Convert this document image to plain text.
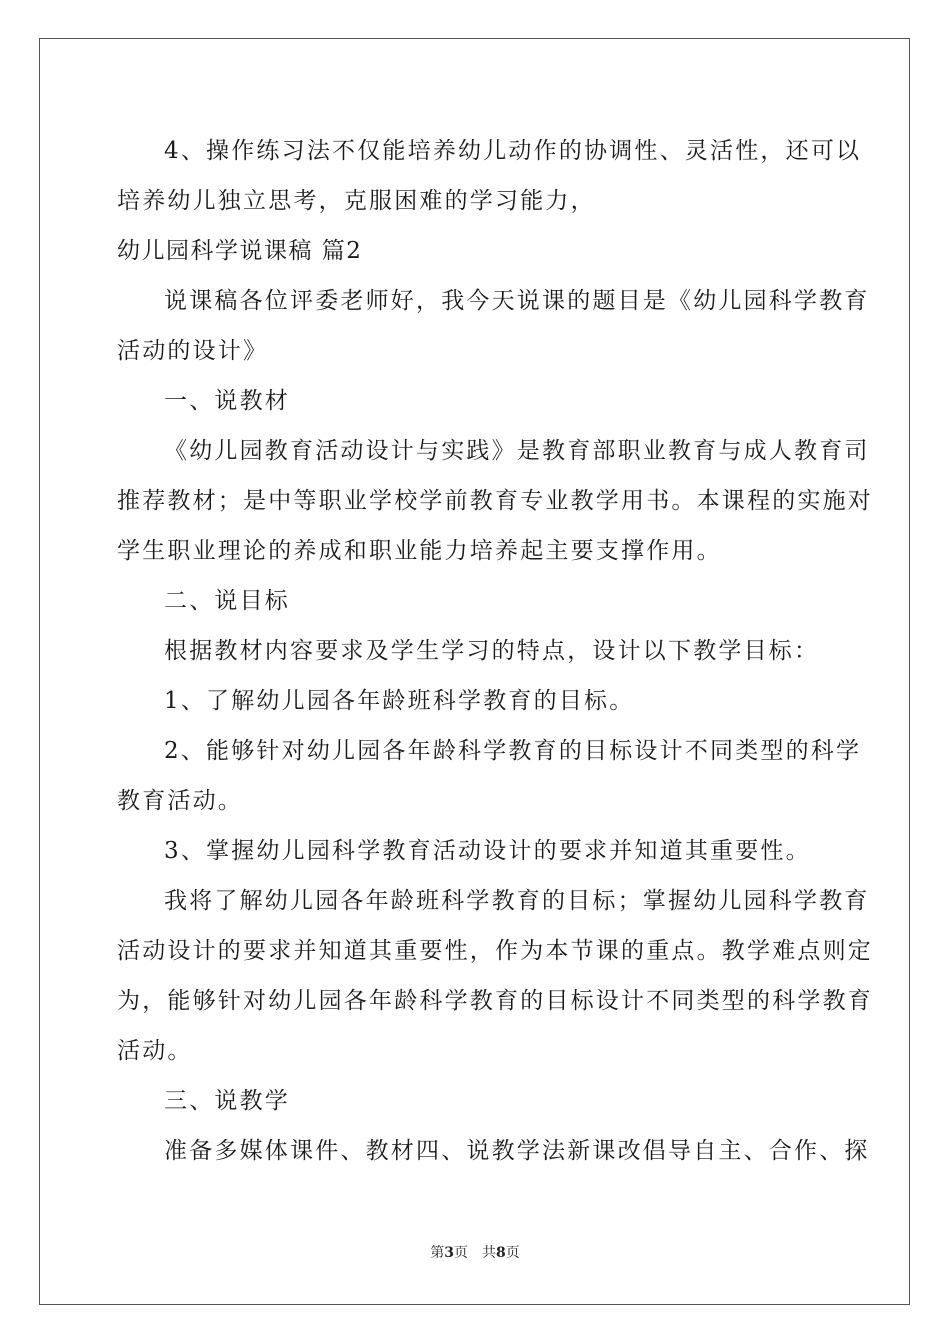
4、操作练习法不仅能培养幼儿动作的协调性、灵活性，还可以
培养幼儿独立思考，克服困难的学习能力，
幼儿园科学说课稿 篇2
说课稿各位评委老师好，我今天说课的题目是《幼儿园科学教育
活动的设计》
一、说教材
《幼儿园教育活动设计与实践》是教育部职业教育与成人教育司
推荐教材；是中等职业学校学前教育专业教学用书。本课程的实施对
学生职业理论的养成和职业能力培养起主要支撑作用。
二、说目标
根据教材内容要求及学生学习的特点，设计以下教学目标：
1、了解幼儿园各年龄班科学教育的目标。
2、能够针对幼儿园各年龄科学教育的目标设计不同类型的科学
教育活动。
3、掌握幼儿园科学教育活动设计的要求并知道其重要性。
我将了解幼儿园各年龄班科学教育的目标；掌握幼儿园科学教育
活动设计的要求并知道其重要性，作为本节课的重点。教学难点则定
为，能够针对幼儿园各年龄科学教育的目标设计不同类型的科学教育
活动。
三、说教学
准备多媒体课件、教材四、说教学法新课改倡导自主、合作、探
第3页 共8页
